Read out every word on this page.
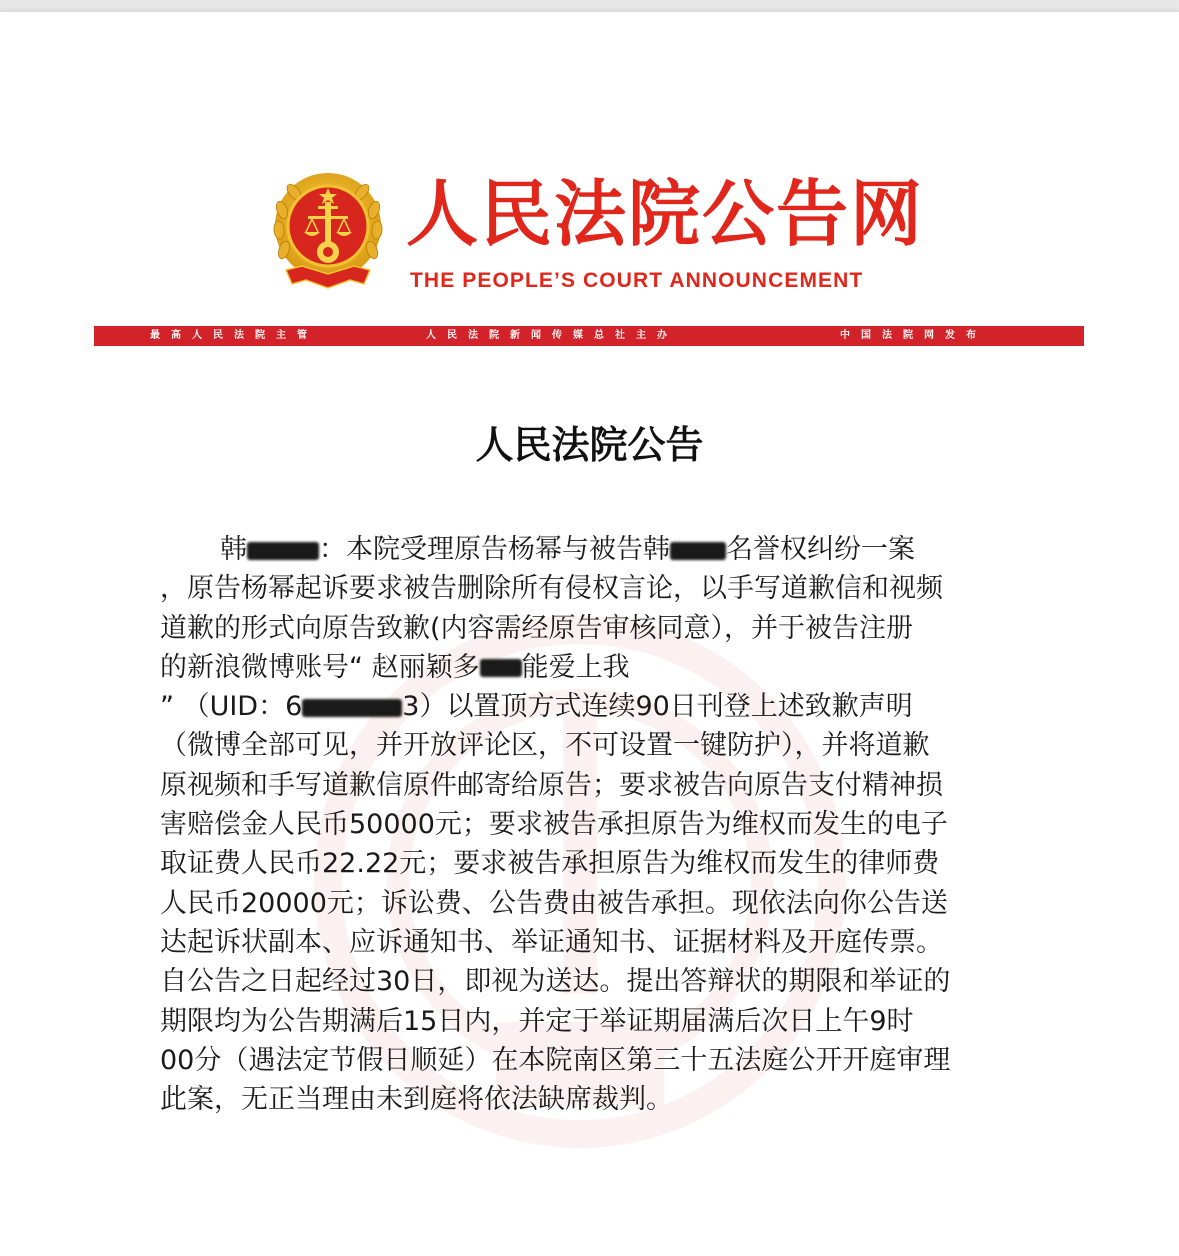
人民法院公告网
THE PEOPLE’S COURT ANNOUNCEMENT
最高人民法院主管	人民法院新闻传媒总社主办	中国法院网发布
人民法院公告
韩	：本院受理原告杨幂与被告韩 名誉权纠纷一案
，原告杨幂起诉要求被告删除所有侵权言论，以手写道歉信和视频
道歉的形式向原告致歉(内容需经原告审核同意），并于被告注册
的新浪微博账号“ 赵丽颖多 能爱上我
” （UID：6	3）以置顶方式连续90日刊登上述致歉声明
（微博全部可见，并开放评论区，不可设置一键防护），并将道歉
原视频和手写道歉信原件邮寄给原告；要求被告向原告支付精神损
害赔偿金人民币50000元；要求被告承担原告为维权而发生的电子
取证费人民币22.22元；要求被告承担原告为维权而发生的律师费
人民币20000元；诉讼费、公告费由被告承担。现依法向你公告送
达起诉状副本、应诉通知书、举证通知书、证据材料及开庭传票。
自公告之日起经过30日，即视为送达。提出答辩状的期限和举证的
期限均为公告期满后15日内，并定于举证期届满后次日上午9时
00分（遇法定节假日顺延）在本院南区第三十五法庭公开开庭审理
此案，无正当理由未到庭将依法缺席裁判。
